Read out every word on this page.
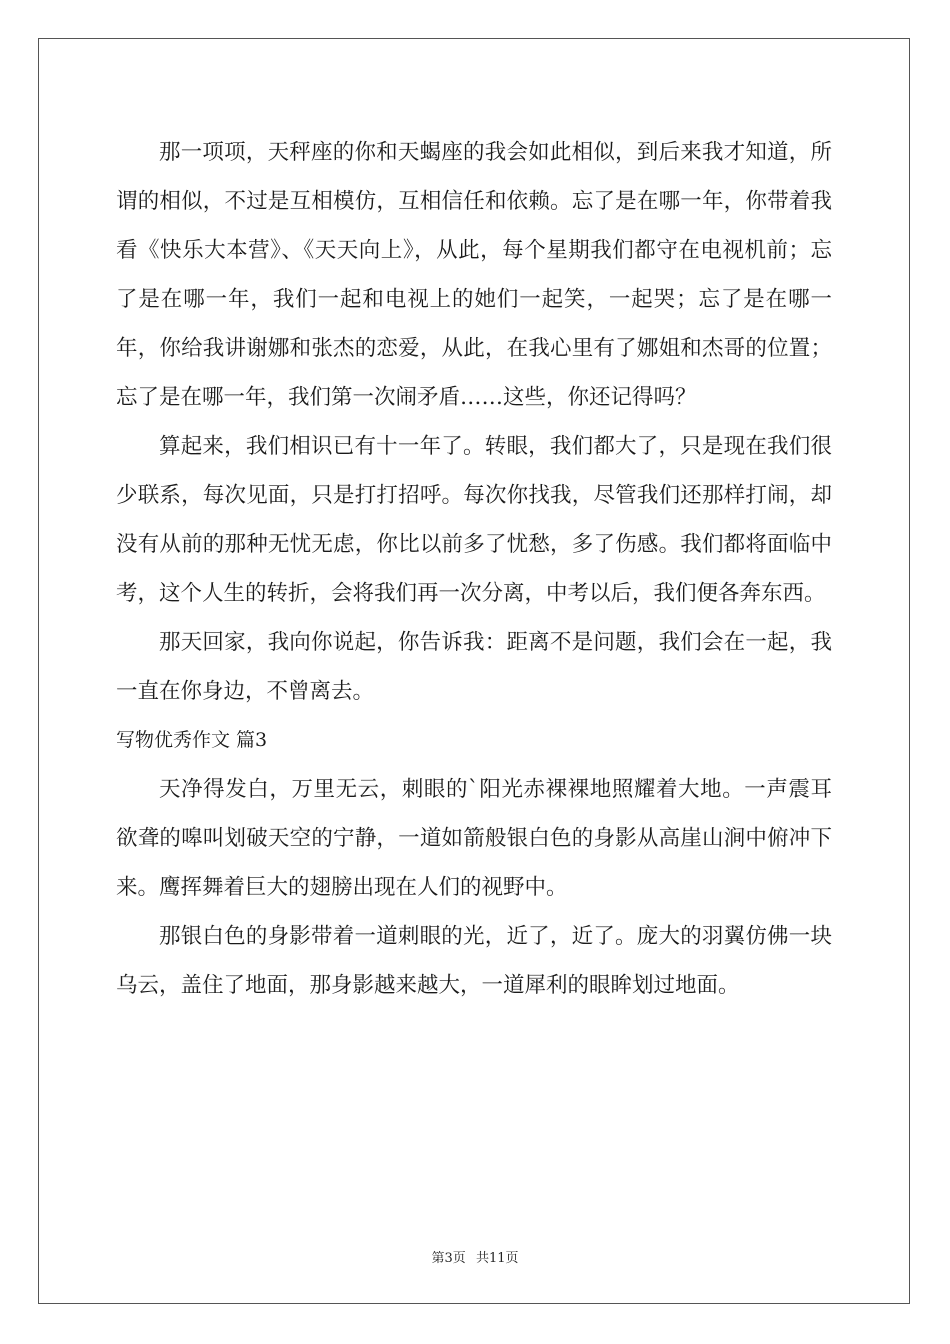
那一项项，天秤座的你和天蝎座的我会如此相似，到后来我才知道，所谓的相似，不过是互相模仿，互相信任和依赖。忘了是在哪一年，你带着我看《快乐大本营》、《天天向上》，从此，每个星期我们都守在电视机前；忘了是在哪一年，我们一起和电视上的她们一起笑，一起哭；忘了是在哪一年，你给我讲谢娜和张杰的恋爱，从此，在我心里有了娜姐和杰哥的位置；忘了是在哪一年，我们第一次闹矛盾……这些，你还记得吗？

算起来，我们相识已有十一年了。转眼，我们都大了，只是现在我们很少联系，每次见面，只是打打招呼。每次你找我，尽管我们还那样打闹，却没有从前的那种无忧无虑，你比以前多了忧愁，多了伤感。我们都将面临中考，这个人生的转折，会将我们再一次分离，中考以后，我们便各奔东西。

那天回家，我向你说起，你告诉我：距离不是问题，我们会在一起，我一直在你身边，不曾离去。

写物优秀作文 篇3

天净得发白，万里无云，刺眼的`阳光赤裸裸地照耀着大地。一声震耳欲聋的嗥叫划破天空的宁静，一道如箭般银白色的身影从高崖山涧中俯冲下来。鹰挥舞着巨大的翅膀出现在人们的视野中。

那银白色的身影带着一道刺眼的光，近了，近了。庞大的羽翼仿佛一块乌云，盖住了地面，那身影越来越大，一道犀利的眼眸划过地面。

第3页 共11页
